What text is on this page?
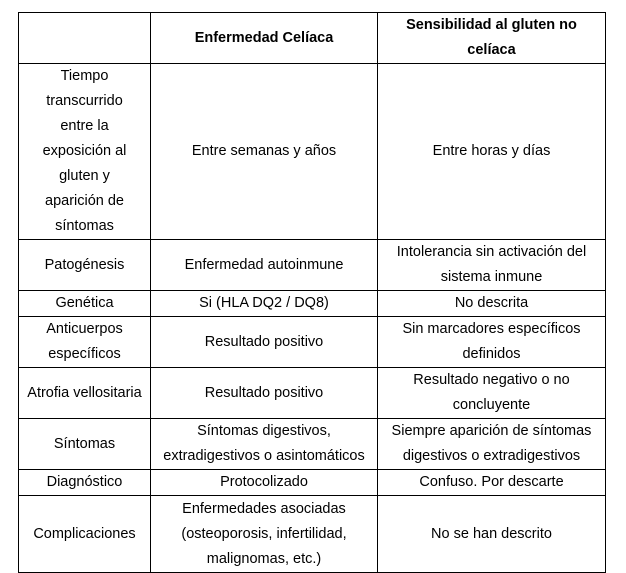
	Enfermedad Celíaca	Sensibilidad al gluten no celíaca
Tiempo transcurrido entre la exposición al gluten y aparición de síntomas	Entre semanas y años	Entre horas y días
Patogénesis	Enfermedad autoinmune	Intolerancia sin activación del sistema inmune
Genética	Si (HLA DQ2 / DQ8)	No descrita
Anticuerpos específicos	Resultado positivo	Sin marcadores específicos definidos
Atrofia vellositaria	Resultado positivo	Resultado negativo o no concluyente
Síntomas	Síntomas digestivos, extradigestivos o asintomáticos	Siempre aparición de síntomas digestivos o extradigestivos
Diagnóstico	Protocolizado	Confuso. Por descarte
Complicaciones	Enfermedades asociadas (osteoporosis, infertilidad, malignomas, etc.)	No se han descrito
